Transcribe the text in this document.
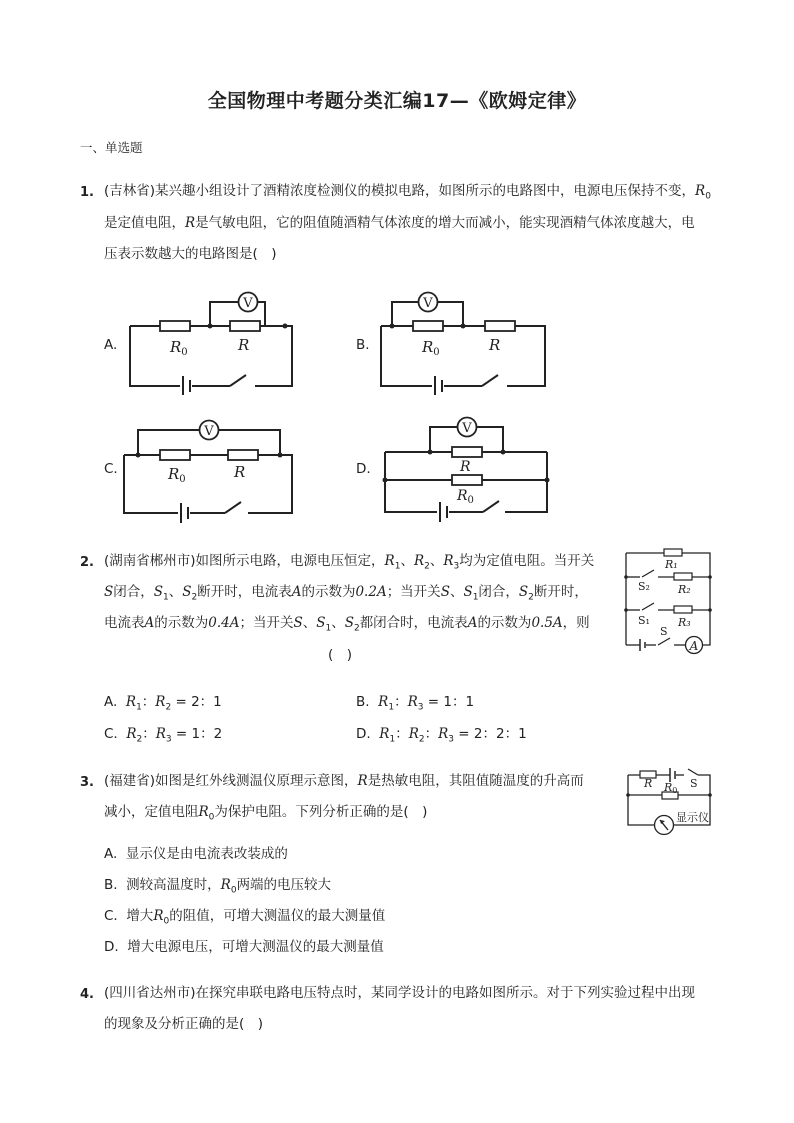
全国物理中考题分类汇编17—《欧姆定律》
一、单选题
1. (吉林省)某兴趣小组设计了酒精浓度检测仪的模拟电路，如图所示的电路图中，电源电压保持不变，$R_0$
是定值电阻，R是气敏电阻，它的阻值随酒精气体浓度的增大而减小，能实现酒精气体浓度越大，电
压表示数越大的电路图是(　)
A.
V
$R_0$	R	B.
V
$R_0$	R
C.
V
$R_0$	R	D.
V
R
$R_0$
2. (湖南省郴州市)如图所示电路，电源电压恒定，$R_1$、$R_2$、$R_3$均为定值电阻。当开关
S闭合，$S_1$、$S_2$断开时，电流表A的示数为0.2A；当开关S、$S_1$闭合，$S_2$断开时，
电流表A的示数为0.4A；当开关S、$S_1$、$S_2$都闭合时，电流表A的示数为0.5A，则
(　)
A
R₁
R₂
R₃
S₂
S₁
S
A. $R_1$：$R_2 = 2$：1	B. $R_1$：$R_3 = 1$：1
C. $R_2$：$R_3 = 1$：2	D. $R_1$：$R_2$：$R_3 = 2$：2：1
3. (福建省)如图是红外线测温仪原理示意图，R是热敏电阻，其阻值随温度的升高而
减小，定值电阻$R_0$为保护电阻。下列分析正确的是(　)
R R0
S
显示仪
A. 显示仪是由电流表改装成的
B. 测较高温度时，$R_0$两端的电压较大
C. 增大$R_0$的阻值，可增大测温仪的最大测量值
D. 增大电源电压，可增大测温仪的最大测量值
4. (四川省达州市)在探究串联电路电压特点时，某同学设计的电路如图所示。对于下列实验过程中出现
的现象及分析正确的是(　)
